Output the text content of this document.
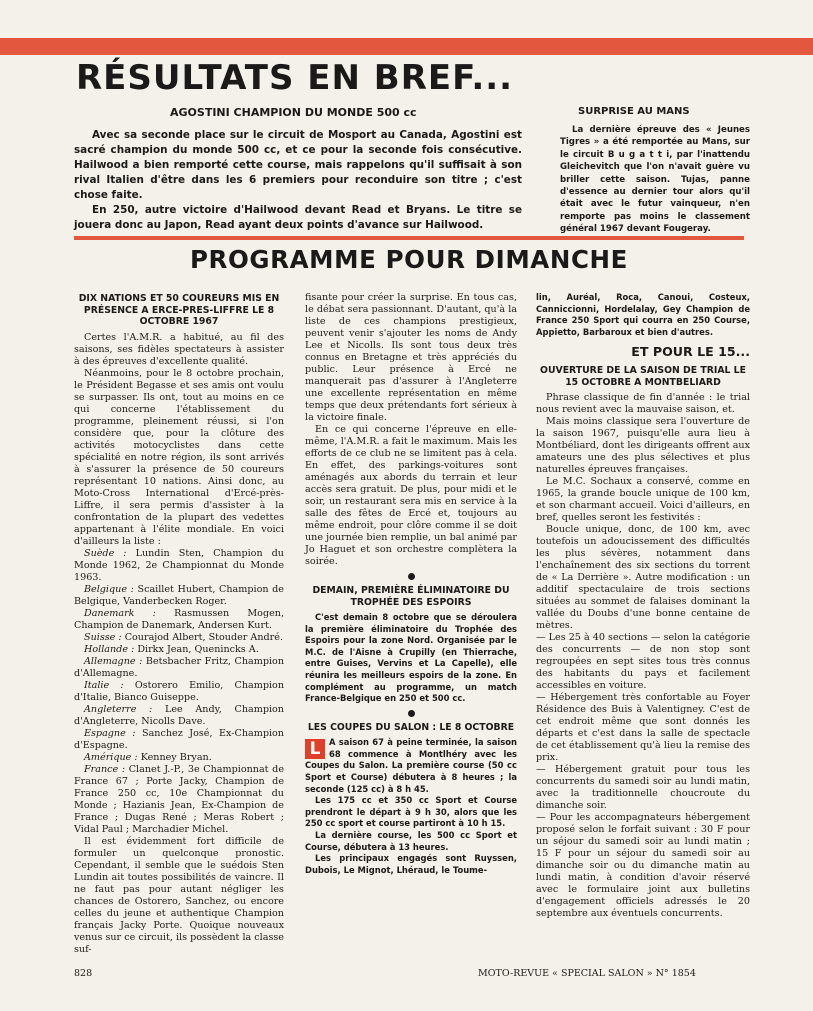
RÉSULTATS EN BREF...
AGOSTINI CHAMPION DU MONDE 500 cc	SURPRISE AU MANS

Avec sa seconde place sur le circuit de Mosport au Canada, Agostini est sacré champion du monde 500 cc, et ce pour la seconde fois consécutive. Hailwood a bien remporté cette course, mais rappelons qu'il suffisait à son rival Italien d'être dans les 6 premiers pour reconduire son titre ; c'est chose faite.

En 250, autre victoire d'Hailwood devant Read et Bryans. Le titre se jouera donc au Japon, Read ayant deux points d'avance sur Hailwood.

La dernière épreuve des « Jeunes Tigres » a été remportée au Mans, sur le circuit B u g a t t i, par l'inattendu Gleichevitch que l'on n'avait guère vu briller cette saison. Tujas, panne d'essence au dernier tour alors qu'il était avec le futur vainqueur, n'en remporte pas moins le classement général 1967 devant Fougeray.

PROGRAMME POUR DIMANCHE
DIX NATIONS ET 50 COUREURS MIS EN PRÉSENCE A ERCE-PRES-LIFFRE LE 8 OCTOBRE 1967

Certes l'A.M.R. a habitué, au fil des saisons, ses fidèles spectateurs à assister à des épreuves d'excellente qualité.

Néanmoins, pour le 8 octobre prochain, le Président Begasse et ses amis ont voulu se surpasser. Ils ont, tout au moins en ce qui concerne l'établissement du programme, pleinement réussi, si l'on considère que, pour la clôture des activités motocyclistes dans cette spécialité en notre région, ils sont arrivés à s'assurer la présence de 50 coureurs représentant 10 nations. Ainsi donc, au Moto-Cross International d'Ercé-près-Liffre, il sera permis d'assister à la confrontation de la plupart des vedettes appartenant à l'élite mondiale. En voici d'ailleurs la liste :

Suède : Lundin Sten, Champion du Monde 1962, 2e Championnat du Monde 1963.

Belgique : Scaillet Hubert, Champion de Belgique, Vanderbecken Roger.

Danemark : Rasmussen Mogen, Champion de Danemark, Andersen Kurt.

Suisse : Courajod Albert, Stouder André.

Hollande : Dirkx Jean, Quenincks A.

Allemagne : Betsbacher Fritz, Champion d'Allemagne.

Italie : Ostorero Emilio, Champion d'Italie, Bianco Guiseppe.

Angleterre : Lee Andy, Champion d'Angleterre, Nicolls Dave.

Espagne : Sanchez José, Ex-Champion d'Espagne.

Amérique : Kenney Bryan.

France : Clanet J.-P., 3e Championnat de France 67 ; Porte Jacky, Champion de France 250 cc, 10e Championnat du Monde ; Hazianis Jean, Ex-Champion de France ; Dugas René ; Meras Robert ; Vidal Paul ; Marchadier Michel.

Il est évidemment fort difficile de formuler un quelconque pronostic. Cependant, il semble que le suédois Sten Lundin ait toutes possibilités de vaincre. Il ne faut pas pour autant négliger les chances de Ostorero, Sanchez, ou encore celles du jeune et authentique Champion français Jacky Porte. Quoique nouveaux venus sur ce circuit, ils possèdent la classe suf-

fisante pour créer la surprise. En tous cas, le débat sera passionnant. D'autant, qu'à la liste de ces champions prestigieux, peuvent venir s'ajouter les noms de Andy Lee et Nicolls. Ils sont tous deux très connus en Bretagne et très appréciés du public. Leur présence à Ercé ne manquerait pas d'assurer à l'Angleterre une excellente représentation en même temps que deux prétendants fort sérieux à la victoire finale.

En ce qui concerne l'épreuve en elle-même, l'A.M.R. a fait le maximum. Mais les efforts de ce club ne se limitent pas à cela. En effet, des parkings-voitures sont aménagés aux abords du terrain et leur accès sera gratuit. De plus, pour midi et le soir, un restaurant sera mis en service à la salle des fêtes de Ercé et, toujours au même endroit, pour clôre comme il se doit une journée bien remplie, un bal animé par Jo Haguet et son orchestre complètera la soirée.

DEMAIN, PREMIÈRE ÉLIMINATOIRE DU TROPHÉE DES ESPOIRS

C'est demain 8 octobre que se déroulera la première éliminatoire du Trophée des Espoirs pour la zone Nord. Organisée par le M.C. de l'Aisne à Crupilly (en Thierrache, entre Guises, Vervins et La Capelle), elle réunira les meilleurs espoirs de la zone. En complément au programme, un match France-Belgique en 250 et 500 cc.

LES COUPES DU SALON : LE 8 OCTOBRE

L	A saison 67 à peine terminée, la saison 68 commence à Montlhéry avec les Coupes du Salon. La première course (50 cc Sport et Course) débutera à 8 heures ; la seconde (125 cc) à 8 h 45.

Les 175 cc et 350 cc Sport et Course prendront le départ à 9 h 30, alors que les 250 cc sport et course partiront à 10 h 15.

La dernière course, les 500 cc Sport et Course, débutera à 13 heures.

Les principaux engagés sont Ruyssen, Dubois, Le Mignot, Lhéraud, le Toume-

lin, Auréal, Roca, Canoui, Costeux, Canniccionni, Hordelalay, Gey Champion de France 250 Sport qui courra en 250 Course, Appietto, Barbaroux et bien d'autres.

ET POUR LE 15...
OUVERTURE DE LA SAISON DE TRIAL LE 15 OCTOBRE A MONTBELIARD

Phrase classique de fin d'année : le trial nous revient avec la mauvaise saison, et.

Mais moins classique sera l'ouverture de la saison 1967, puisqu'elle aura lieu à Montbéliard, dont les dirigeants offrent aux amateurs une des plus sélectives et plus naturelles épreuves françaises.

Le M.C. Sochaux a conservé, comme en 1965, la grande boucle unique de 100 km, et son charmant accueil. Voici d'ailleurs, en bref, quelles seront les festivités :

Boucle unique, donc, de 100 km, avec toutefois un adoucissement des difficultés les plus sévères, notamment dans l'enchaînement des six sections du torrent de « La Derrière ». Autre modification : un additif spectaculaire de trois sections situées au sommet de falaises dominant la vallée du Doubs d'une bonne centaine de mètres.

— Les 25 à 40 sections — selon la catégorie des concurrents — de non stop sont regroupées en sept sites tous très connus des habitants du pays et facilement accessibles en voiture.

— Hébergement très confortable au Foyer Résidence des Buis à Valentigney. C'est de cet endroit même que sont donnés les départs et c'est dans la salle de spectacle de cet établissement qu'à lieu la remise des prix.

— Hébergement gratuit pour tous les concurrents du samedi soir au lundi matin, avec la traditionnelle choucroute du dimanche soir.

— Pour les accompagnateurs hébergement proposé selon le forfait suivant : 30 F pour un séjour du samedi soir au lundi matin ; 15 F pour un séjour du samedi soir au dimanche soir ou du dimanche matin au lundi matin, à condition d'avoir réservé avec le formulaire joint aux bulletins d'engagement officiels adressés le 20 septembre aux éventuels concurrents.

828	MOTO-REVUE « SPECIAL SALON » N° 1854
